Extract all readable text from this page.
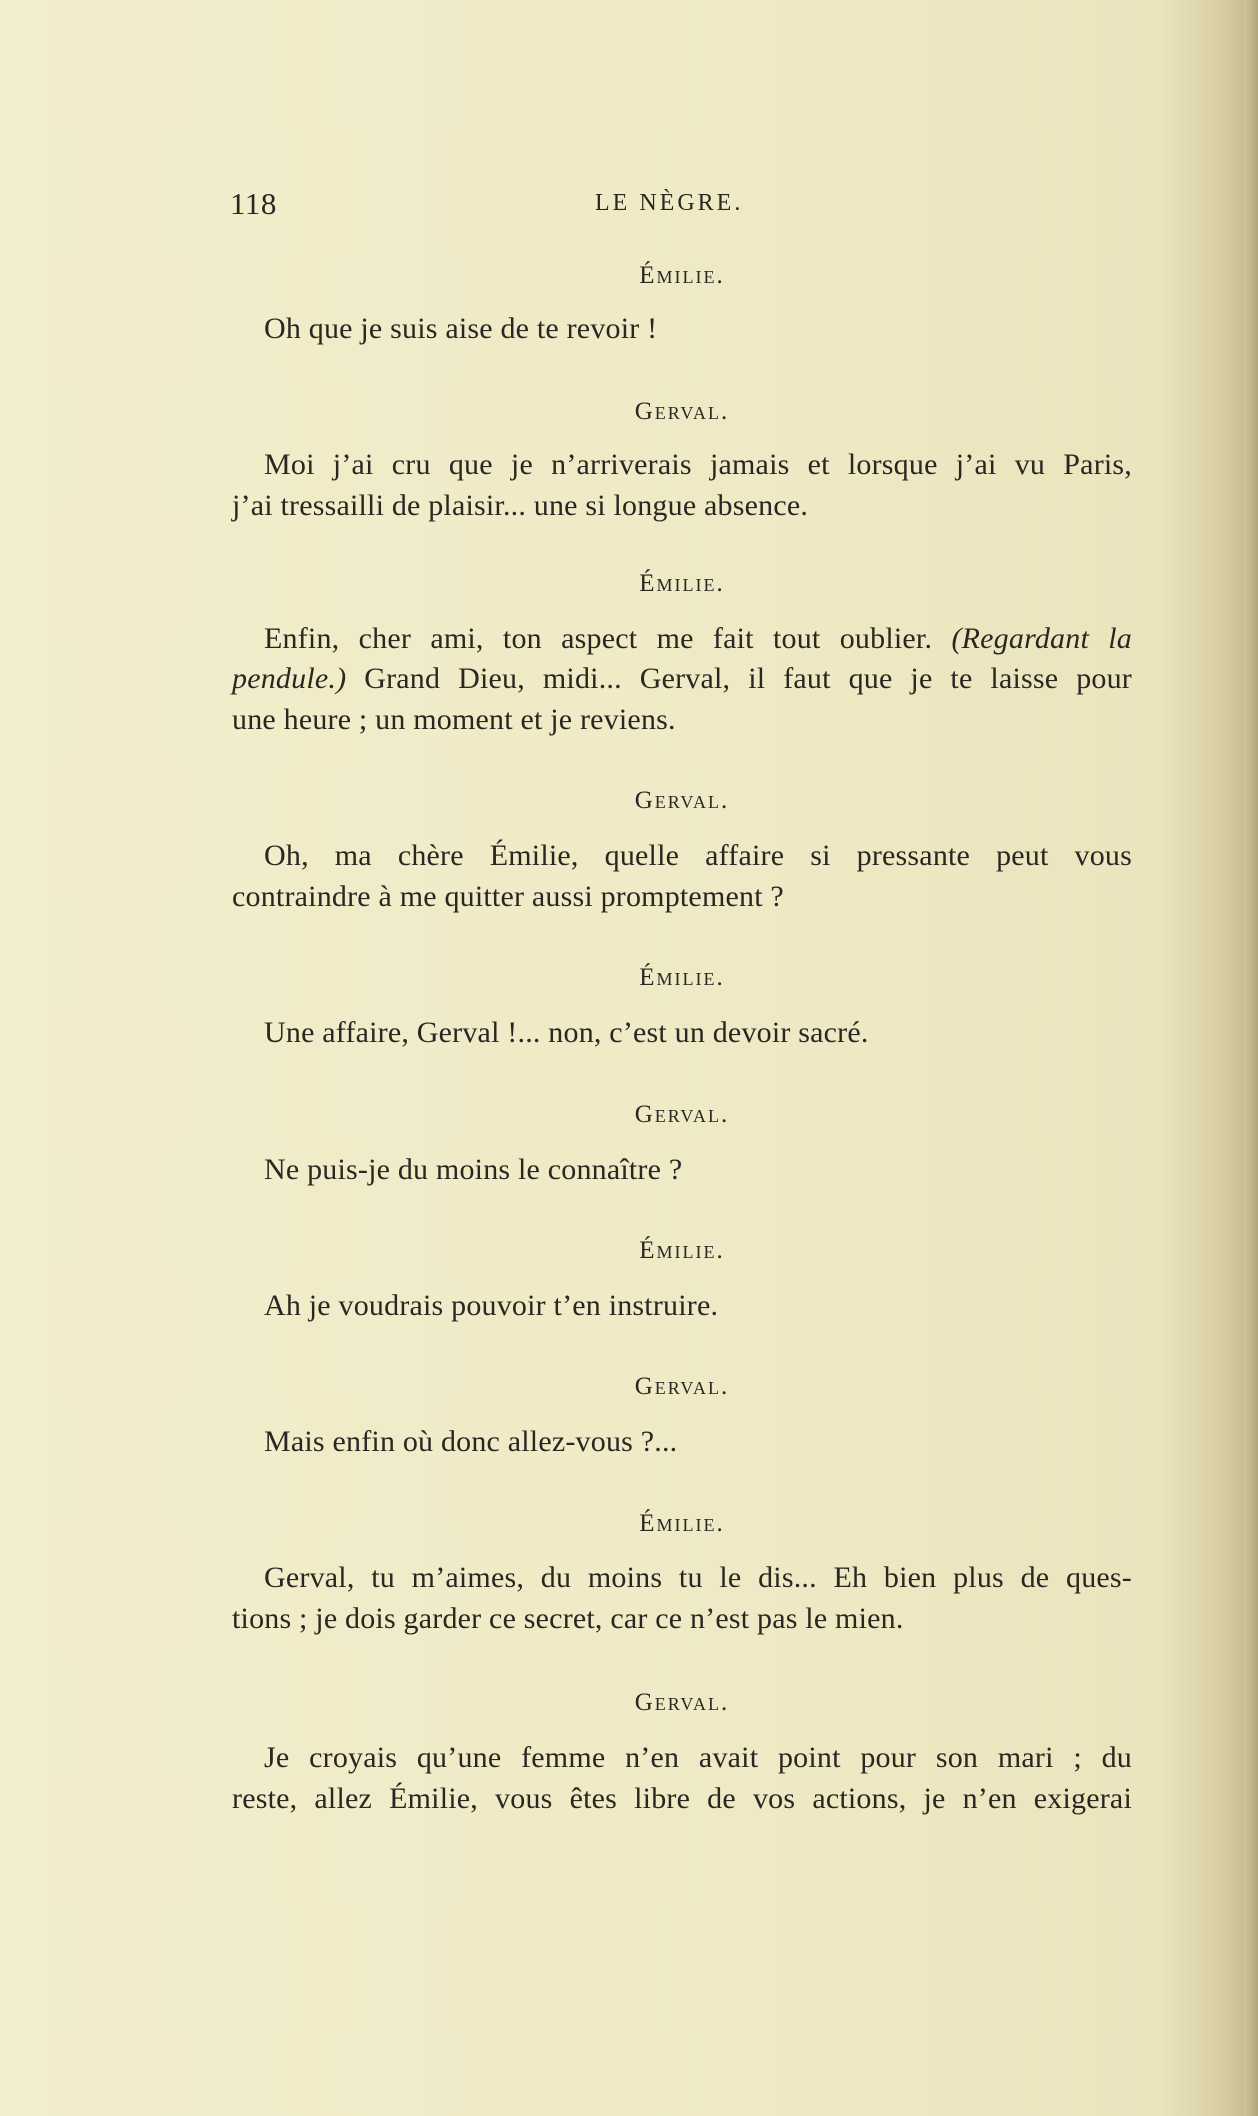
118	LE NÈGRE.
Émilie.
Oh que je suis aise de te revoir !
Gerval.
Moi j’ai cru que je n’arriverais jamais et lorsque j’ai vu Paris,
j’ai tressailli de plaisir... une si longue absence.
Émilie.
Enfin, cher ami, ton aspect me fait tout oublier. (Regardant la
pendule.) Grand Dieu, midi... Gerval, il faut que je te laisse pour
une heure ; un moment et je reviens.
Gerval.
Oh, ma chère Émilie, quelle affaire si pressante peut vous
contraindre à me quitter aussi promptement ?
Émilie.
Une affaire, Gerval !... non, c’est un devoir sacré.
Gerval.
Ne puis-je du moins le connaître ?
Émilie.
Ah je voudrais pouvoir t’en instruire.
Gerval.
Mais enfin où donc allez-vous ?...
Émilie.
Gerval, tu m’aimes, du moins tu le dis... Eh bien plus de ques-
tions ; je dois garder ce secret, car ce n’est pas le mien.
Gerval.
Je croyais qu’une femme n’en avait point pour son mari ; du
reste, allez Émilie, vous êtes libre de vos actions, je n’en exigerai
